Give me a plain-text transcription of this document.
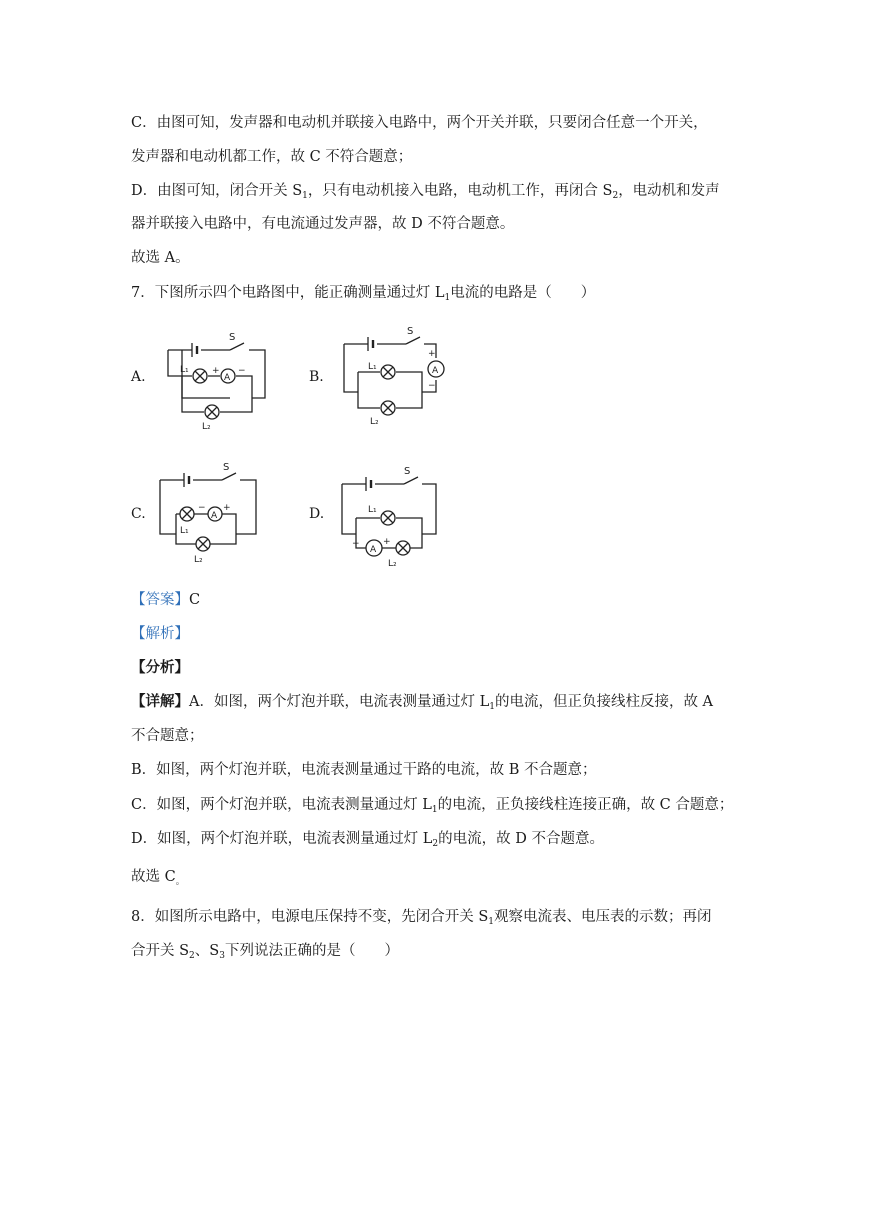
C．由图可知，发声器和电动机并联接入电路中，两个开关并联，只要闭合任意一个开关，
发声器和电动机都工作，故 C 不符合题意；
D．由图可知，闭合开关 $S_1$，只有电动机接入电路，电动机工作，再闭合 $S_2$，电动机和发声
器并联接入电路中，有电流通过发声器，故 D 不符合题意。
故选 A。
7．下图所示四个电路图中，能正确测量通过灯 $L_1$电流的电路是（　　）
A.	B.
C.	D.
S
A
+ −
L₁
L₂
S
A
+
−
L₁
L₂
S
A
− +
L₁
L₂
S
A
−	+
L₁
L₂
【答案】C
【解析】
【分析】
【详解】A．如图，两个灯泡并联，电流表测量通过灯 $L_1$的电流，但正负接线柱反接，故 A
不合题意；
B．如图，两个灯泡并联，电流表测量通过干路的电流，故 B 不合题意；
C．如图，两个灯泡并联，电流表测量通过灯 $L_1$的电流，正负接线柱连接正确，故 C 合题意；
D．如图，两个灯泡并联，电流表测量通过灯 $L_2$的电流，故 D 不合题意。
故选 $C_。$
8．如图所示电路中，电源电压保持不变，先闭合开关 $S_1$观察电流表、电压表的示数；再闭
合开关 $S_2$、$S_3$下列说法正确的是（　　）
